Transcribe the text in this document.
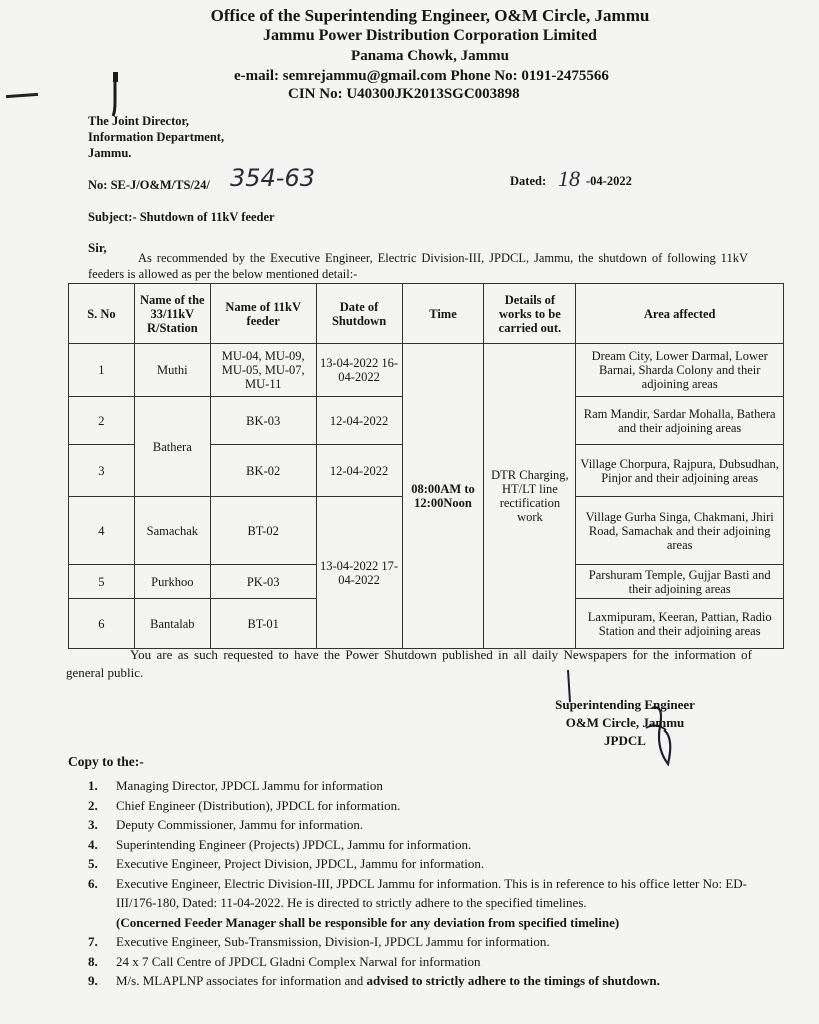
Office of the Superintending Engineer, O&M Circle, Jammu
Jammu Power Distribution Corporation Limited
Panama Chowk, Jammu
e-mail: semrejammu@gmail.com Phone No: 0191-2475566
CIN No: U40300JK2013SGC003898
The Joint Director,
Information Department,
Jammu.
No: SE-J/O&M/TS/24/ 354-63	Dated: 18 -04-2022
Subject:- Shutdown of 11kV feeder
Sir,
As recommended by the Executive Engineer, Electric Division-III, JPDCL, Jammu, the shutdown of following 11kV feeders is allowed as per the below mentioned detail:-
S. No	Name of the 33/11kV R/Station	Name of 11kV feeder	Date of Shutdown	Time	Details of works to be carried out.	Area affected
1	Muthi	MU-04, MU-09, MU-05, MU-07, MU-11	13-04-2022 16-04-2022	08:00AM to 12:00Noon	DTR Charging, HT/LT line rectification work	Dream City, Lower Darmal, Lower Barnai, Sharda Colony and their adjoining areas
2	Bathera	BK-03	12-04-2022			Ram Mandir, Sardar Mohalla, Bathera and their adjoining areas
3		BK-02	12-04-2022			Village Chorpura, Rajpura, Dubsudhan, Pinjor and their adjoining areas
4	Samachak	BT-02	13-04-2022 17-04-2022			Village Gurha Singa, Chakmani, Jhiri Road, Samachak and their adjoining areas
5	Purkhoo	PK-03				Parshuram Temple, Gujjar Basti and their adjoining areas
6	Bantalab	BT-01				Laxmipuram, Keeran, Pattian, Radio Station and their adjoining areas
You are as such requested to have the Power Shutdown published in all daily Newspapers for the information of general public.
Superintending Engineer
O&M Circle, Jammu
JPDCL
Copy to the:-
1. Managing Director, JPDCL Jammu for information
2. Chief Engineer (Distribution), JPDCL for information.
3. Deputy Commissioner, Jammu for information.
4. Superintending Engineer (Projects) JPDCL, Jammu for information.
5. Executive Engineer, Project Division, JPDCL, Jammu for information.
6. Executive Engineer, Electric Division-III, JPDCL Jammu for information. This is in reference to his office letter No: ED-III/176-180, Dated: 11-04-2022. He is directed to strictly adhere to the specified timelines.
(Concerned Feeder Manager shall be responsible for any deviation from specified timeline)
7. Executive Engineer, Sub-Transmission, Division-I, JPDCL Jammu for information.
8. 24 x 7 Call Centre of JPDCL Gladni Complex Narwal for information
9. M/s. MLAPLNP associates for information and advised to strictly adhere to the timings of shutdown.
